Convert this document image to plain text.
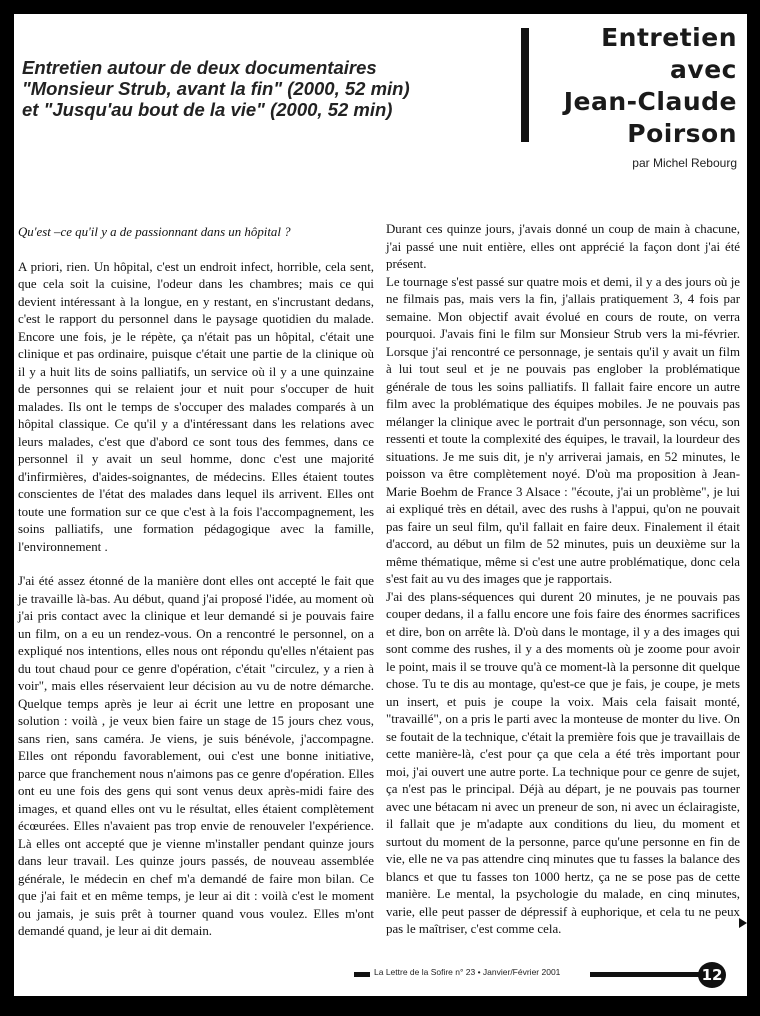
Entretien autour de deux documentaires
"Monsieur Strub, avant la fin" (2000, 52 min)
et "Jusqu'au bout de la vie" (2000, 52 min)
Entretien
avec
Jean-Claude
Poirson
par Michel Rebourg

Qu'est –ce qu'il y a de passionnant dans un hôpital ?

A priori, rien. Un hôpital, c'est un endroit infect, horrible, cela sent, que cela soit la cuisine, l'odeur dans les chambres; mais ce qui devient intéressant à la longue, en y restant, en s'incrustant dedans, c'est le rapport du personnel dans le paysage quotidien du malade. Encore une fois, je le répète, ça n'était pas un hôpital, c'était une clinique et pas ordinaire, puisque c'était une partie de la clinique où il y a huit lits de soins palliatifs, un service où il y a une quinzaine de personnes qui se relaient jour et nuit pour s'occuper de huit malades. Ils ont le temps de s'occuper des malades comparés à un hôpital classique. Ce qu'il y a d'intéressant dans les relations avec leurs malades, c'est que d'abord ce sont tous des femmes, dans ce personnel il y avait un seul homme, donc c'est une majorité d'infirmières, d'aides-soignantes, de médecins. Elles étaient toutes conscientes de l'état des malades dans lequel ils arrivent. Elles ont toute une formation sur ce que c'est à la fois l'accompagnement, les soins palliatifs, une formation pédagogique avec la famille, l'environnement .

J'ai été assez étonné de la manière dont elles ont accepté le fait que je travaille là-bas. Au début, quand j'ai proposé l'idée, au moment où j'ai pris contact avec la clinique et leur demandé si je pouvais faire un film, on a eu un rendez-vous. On a rencontré le personnel, on a expliqué nos intentions, elles nous ont répondu qu'elles n'étaient pas du tout chaud pour ce genre d'opération, c'était "circulez, y a rien à voir", mais elles réservaient leur décision au vu de notre démarche. Quelque temps après je leur ai écrit une lettre en proposant une solution : voilà , je veux bien faire un stage de 15 jours chez vous, sans rien, sans caméra. Je viens, je suis bénévole, j'accompagne. Elles ont répondu favorablement, oui c'est une bonne initiative, parce que franchement nous n'aimons pas ce genre d'opération. Elles ont eu une fois des gens qui sont venus deux après-midi faire des images, et quand elles ont vu le résultat, elles étaient complètement écœurées. Elles n'avaient pas trop envie de renouveler l'expérience. Là elles ont accepté que je vienne m'installer pendant quinze jours dans leur travail. Les quinze jours passés, de nouveau assemblée générale, le médecin en chef m'a demandé de faire mon bilan. Ce que j'ai fait et en même temps, je leur ai dit : voilà c'est le moment ou jamais, je suis prêt à tourner quand vous voulez. Elles m'ont demandé quand, je leur ai dit demain.

Durant ces quinze jours, j'avais donné un coup de main à chacune, j'ai passé une nuit entière, elles ont apprécié la façon dont j'ai été présent.

Le tournage s'est passé sur quatre mois et demi, il y a des jours où je ne filmais pas, mais vers la fin, j'allais pratiquement 3, 4 fois par semaine. Mon objectif avait évolué en cours de route, on verra pourquoi. J'avais fini le film sur Monsieur Strub vers la mi-février. Lorsque j'ai rencontré ce personnage, je sentais qu'il y avait un film à lui tout seul et je ne pouvais pas englober la problématique générale de tous les soins palliatifs. Il fallait faire encore un autre film avec la problématique des équipes mobiles. Je ne pouvais pas mélanger la clinique avec le portrait d'un personnage, son vécu, son ressenti et toute la complexité des équipes, le travail, la lourdeur des situations. Je me suis dit, je n'y arriverai jamais, en 52 minutes, le poisson va être complètement noyé. D'où ma proposition à Jean-Marie Boehm de France 3 Alsace : "écoute, j'ai un problème", je lui ai expliqué très en détail, avec des rushs à l'appui, qu'on ne pouvait pas faire un seul film, qu'il fallait en faire deux. Finalement il était d'accord, au début un film de 52 minutes, puis un deuxième sur la même thématique, même si c'est une autre problématique, donc cela s'est fait au vu des images que je rapportais.

J'ai des plans-séquences qui durent 20 minutes, je ne pouvais pas couper dedans, il a fallu encore une fois faire des énormes sacrifices et dire, bon on arrête là. D'où dans le montage, il y a des images qui sont comme des rushes, il y a des moments où je zoome pour avoir le point, mais il se trouve qu'à ce moment-là la personne dit quelque chose. Tu te dis au montage, qu'est-ce que je fais, je coupe, je mets un insert, et puis je coupe la voix. Mais cela faisait monté, "travaillé", on a pris le parti avec la monteuse de monter du live. On se foutait de la technique, c'était la première fois que je travaillais de cette manière-là, c'est pour ça que cela a été très important pour moi, j'ai ouvert une autre porte. La technique pour ce genre de sujet, ça n'est pas le principal. Déjà au départ, je ne pouvais pas tourner avec une bétacam ni avec un preneur de son, ni avec un éclairagiste, il fallait que je m'adapte aux conditions du lieu, du moment et surtout du moment de la personne, parce qu'une personne en fin de vie, elle ne va pas attendre cinq minutes que tu fasses la balance des blancs et que tu fasses ton 1000 hertz, ça ne se pose pas de cette manière. Le mental, la psychologie du malade, en cinq minutes, varie, elle peut passer de dépressif à euphorique, et cela tu ne peux pas le maîtriser, c'est comme cela.

La Lettre de la Sofire n° 23 • Janvier/Février 2001	12
